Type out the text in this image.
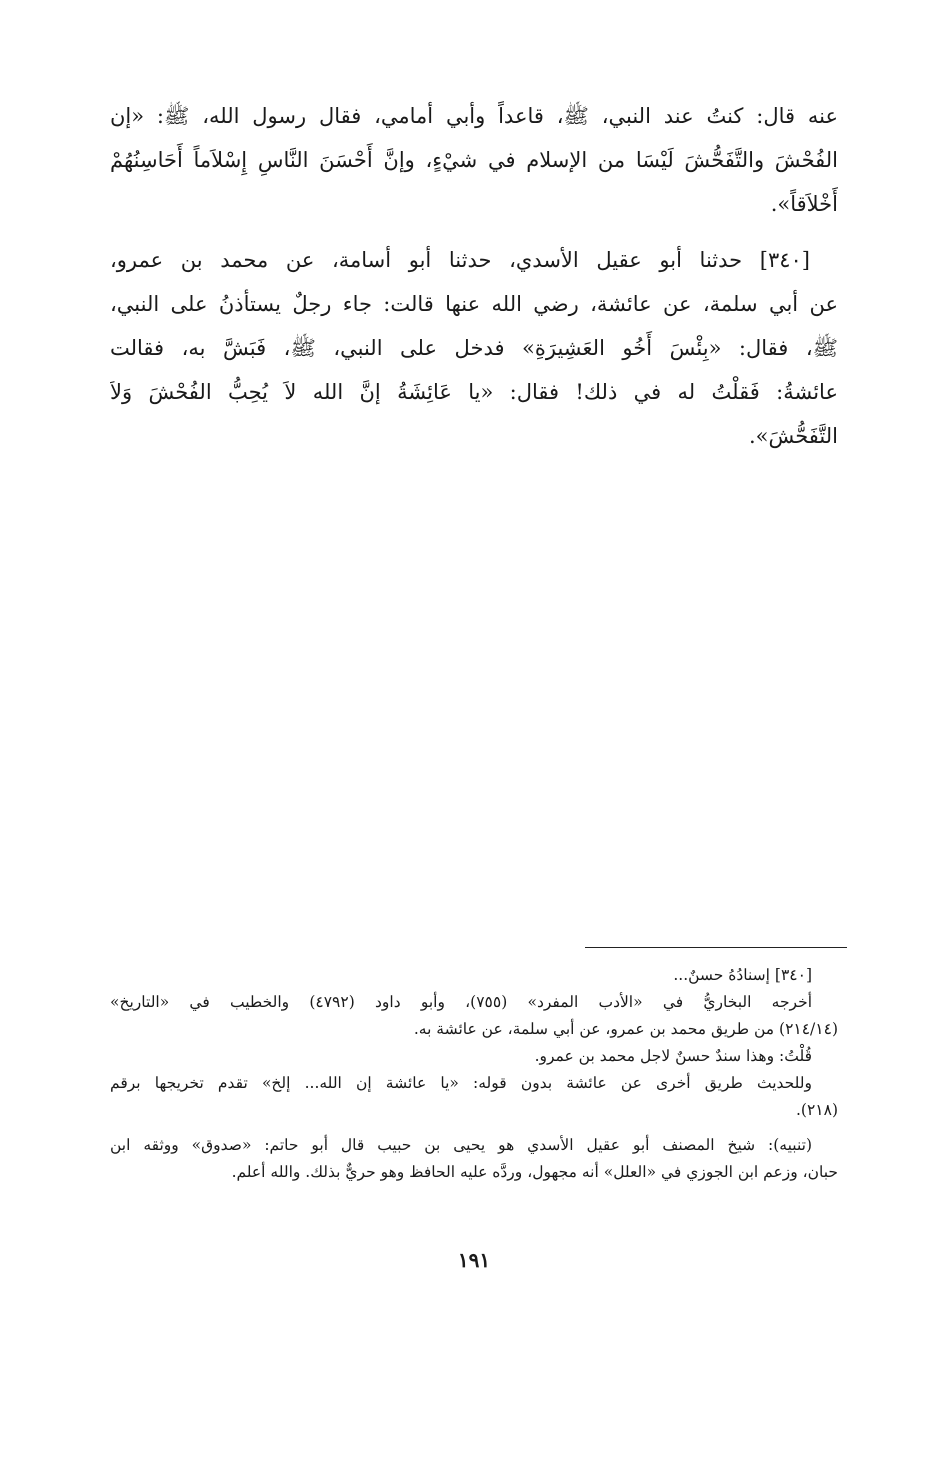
عنه قال: كنتُ عند النبي، ﷺ، قاعداً وأبي أمامي، فقال رسول الله، ﷺ: «إن
الفُحْشَ والتَّفَحُّشَ لَيْسَا من الإسلام في شيْءٍ، وإنَّ أَحْسَنَ النَّاسِ إِسْلاَماً أَحَاسِنُهُمْ
أَخْلاَقاً».
[٣٤٠] حدثنا أبو عقيل الأسدي، حدثنا أبو أسامة، عن محمد بن عمرو،
عن أبي سلمة، عن عائشة، رضي الله عنها قالت: جاء رجلٌ يستأذنُ على النبي،
ﷺ، فقال: «بِئْسَ أَخُو العَشِيرَةِ» فدخل على النبي، ﷺ، فَبَشَّ به، فقالت
عائشةُ: فَقلْتُ له في ذلك! فقال: «يا عَائِشَةُ إنَّ الله لاَ يُحِبُّ الفُحْشَ وَلاَ
التَّفَحُّشَ».
[٣٤٠] إسنادُهُ حسنٌ...
أخرجه البخاريُّ في «الأدب المفرد» (٧٥٥)، وأبو داود (٤٧٩٢) والخطيب في «التاريخ»
(٢١٤/١٤) من طريق محمد بن عمرو، عن أبي سلمة، عن عائشة به.
قُلْتُ: وهذا سندٌ حسنٌ لاجل محمد بن عمرو.
وللحديث طريق أخرى عن عائشة بدون قوله: «يا عائشة إن الله... إلخ» تقدم تخريجها برقم
(٢١٨).
(تنبيه): شيخ المصنف أبو عقيل الأسدي هو يحيى بن حبيب قال أبو حاتم: «صدوق» ووثقه ابن
حبان، وزعم ابن الجوزي في «العلل» أنه مجهول، وردَّه عليه الحافظ وهو حريٌّ بذلك. والله أعلم.
١٩١
